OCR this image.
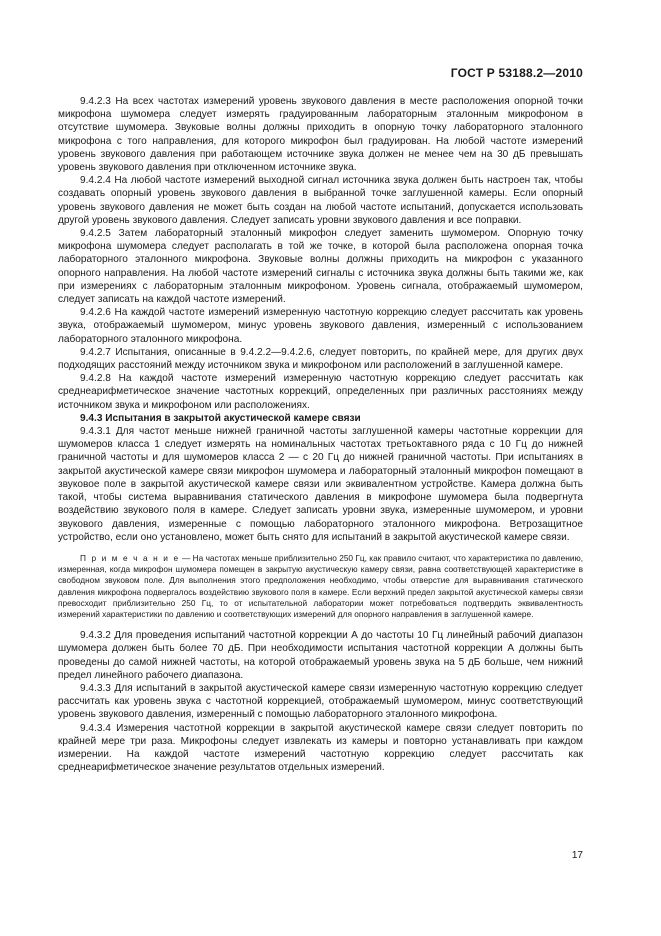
ГОСТ Р 53188.2—2010

9.4.2.3 На всех частотах измерений уровень звукового давления в месте расположения опорной точки микрофона шумомера следует измерять градуированным лабораторным эталонным микрофоном в отсутствие шумомера. Звуковые волны должны приходить в опорную точку лабораторного эталонного микрофона с того направления, для которого микрофон был градуирован. На любой частоте измерений уровень звукового давления при работающем источнике звука должен не менее чем на 30 дБ превышать уровень звукового давления при отключенном источнике звука.

9.4.2.4 На любой частоте измерений выходной сигнал источника звука должен быть настроен так, чтобы создавать опорный уровень звукового давления в выбранной точке заглушенной камеры. Если опорный уровень звукового давления не может быть создан на любой частоте испытаний, допускается использовать другой уровень звукового давления. Следует записать уровни звукового давления и все поправки.

9.4.2.5 Затем лабораторный эталонный микрофон следует заменить шумомером. Опорную точку микрофона шумомера следует располагать в той же точке, в которой была расположена опорная точка лабораторного эталонного микрофона. Звуковые волны должны приходить на микрофон с указанного опорного направления. На любой частоте измерений сигналы с источника звука должны быть такими же, как при измерениях с лабораторным эталонным микрофоном. Уровень сигнала, отображаемый шумомером, следует записать на каждой частоте измерений.

9.4.2.6 На каждой частоте измерений измеренную частотную коррекцию следует рассчитать как уровень звука, отображаемый шумомером, минус уровень звукового давления, измеренный с использованием лабораторного эталонного микрофона.

9.4.2.7 Испытания, описанные в 9.4.2.2—9.4.2.6, следует повторить, по крайней мере, для других двух подходящих расстояний между источником звука и микрофоном или расположений в заглушенной камере.

9.4.2.8 На каждой частоте измерений измеренную частотную коррекцию следует рассчитать как среднеарифметическое значение частотных коррекций, определенных при различных расстояниях между источником звука и микрофоном или расположениях.

9.4.3 Испытания в закрытой акустической камере связи

9.4.3.1 Для частот меньше нижней граничной частоты заглушенной камеры частотные коррекции для шумомеров класса 1 следует измерять на номинальных частотах третьоктавного ряда с 10 Гц до нижней граничной частоты и для шумомеров класса 2 — с 20 Гц до нижней граничной частоты. При испытаниях в закрытой акустической камере связи микрофон шумомера и лабораторный эталонный микрофон помещают в звуковое поле в закрытой акустической камере связи или эквивалентном устройстве. Камера должна быть такой, чтобы система выравнивания статического давления в микрофоне шумомера была подвергнута воздействию звукового поля в камере. Следует записать уровни звука, измеренные шумомером, и уровни звукового давления, измеренные с помощью лабораторного эталонного микрофона. Ветрозащитное устройство, если оно установлено, может быть снято для испытаний в закрытой акустической камере связи.

П р и м е ч а н и е — На частотах меньше приблизительно 250 Гц, как правило считают, что характеристика по давлению, измеренная, когда микрофон шумомера помещен в закрытую акустическую камеру связи, равна соответствующей характеристике в свободном звуковом поле. Для выполнения этого предположения необходимо, чтобы отверстие для выравнивания статического давления микрофона подвергалось воздействию звукового поля в камере. Если верхний предел закрытой акустической камеры связи превосходит приблизительно 250 Гц, то от испытательной лаборатории может потребоваться подтвердить эквивалентность измерений характеристики по давлению и соответствующих измерений для опорного направления в заглушенной камере.

9.4.3.2 Для проведения испытаний частотной коррекции А до частоты 10 Гц линейный рабочий диапазон шумомера должен быть более 70 дБ. При необходимости испытания частотной коррекции А должны быть проведены до самой нижней частоты, на которой отображаемый уровень звука на 5 дБ больше, чем нижний предел линейного рабочего диапазона.

9.4.3.3 Для испытаний в закрытой акустической камере связи измеренную частотную коррекцию следует рассчитать как уровень звука с частотной коррекцией, отображаемый шумомером, минус соответствующий уровень звукового давления, измеренный с помощью лабораторного эталонного микрофона.

9.4.3.4 Измерения частотной коррекции в закрытой акустической камере связи следует повторить по крайней мере три раза. Микрофоны следует извлекать из камеры и повторно устанавливать при каждом измерении. На каждой частоте измерений частотную коррекцию следует рассчитать как среднеарифметическое значение результатов отдельных измерений.

17
